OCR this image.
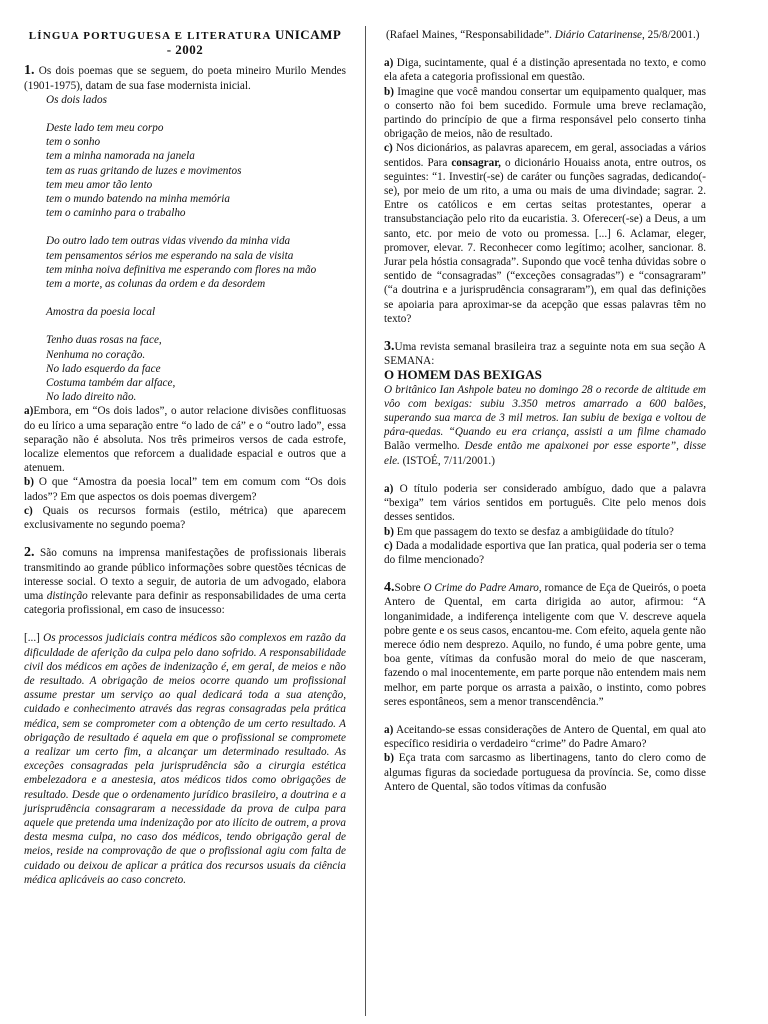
LÍNGUA PORTUGUESA E LITERATURA UNICAMP
- 2002

1. Os dois poemas que se seguem, do poeta mineiro Murilo Mendes (1901-1975), datam de sua fase modernista inicial.

Os dois lados

Deste lado tem meu corpo

tem o sonho

tem a minha namorada na janela

tem as ruas gritando de luzes e movimentos

tem meu amor tão lento

tem o mundo batendo na minha memória

tem o caminho para o trabalho

Do outro lado tem outras vidas vivendo da minha vida

tem pensamentos sérios me esperando na sala de visita

tem minha noiva definitiva me esperando com flores na mão

tem a morte, as colunas da ordem e da desordem

Amostra da poesia local

Tenho duas rosas na face,

Nenhuma no coração.

No lado esquerdo da face

Costuma também dar alface,

No lado direito não.

a)Embora, em “Os dois lados”, o autor relacione divisões conflituosas do eu lírico a uma separação entre “o lado de cá” e o “outro lado”, essa separação não é absoluta. Nos três primeiros versos de cada estrofe, localize elementos que reforcem a dualidade espacial e outros que a atenuem.

b) O que “Amostra da poesia local” tem em comum com “Os dois lados”? Em que aspectos os dois poemas divergem?

c) Quais os recursos formais (estilo, métrica) que aparecem exclusivamente no segundo poema?

2. São comuns na imprensa manifestações de profissionais liberais transmitindo ao grande público informações sobre questões técnicas de interesse social. O texto a seguir, de autoria de um advogado, elabora uma distinção relevante para definir as responsabilidades de uma certa categoria profissional, em caso de insucesso:

[...] Os processos judiciais contra médicos são complexos em razão da dificuldade de aferição da culpa pelo dano sofrido. A responsabilidade civil dos médicos em ações de indenização é, em geral, de meios e não de resultado. A obrigação de meios ocorre quando um profissional assume prestar um serviço ao qual dedicará toda a sua atenção, cuidado e conhecimento através das regras consagradas pela prática médica, sem se comprometer com a obtenção de um certo resultado. A obrigação de resultado é aquela em que o profissional se compromete a realizar um certo fim, a alcançar um determinado resultado. As exceções consagradas pela jurisprudência são a cirurgia estética embelezadora e a anestesia, atos médicos tidos como obrigações de resultado. Desde que o ordenamento jurídico brasileiro, a doutrina e a jurisprudência consagraram a necessidade da prova de culpa para aquele que pretenda uma indenização por ato ilícito de outrem, a prova desta mesma culpa, no caso dos médicos, tendo obrigação geral de meios, reside na comprovação de que o profissional agiu com falta de cuidado ou deixou de aplicar a prática dos recursos usuais da ciência médica aplicáveis ao caso concreto.

(Rafael Maines, “Responsabilidade”. Diário Catarinense, 25/8/2001.)

a) Diga, sucintamente, qual é a distinção apresentada no texto, e como ela afeta a categoria profissional em questão.

b) Imagine que você mandou consertar um equipamento qualquer, mas o conserto não foi bem sucedido. Formule uma breve reclamação, partindo do princípio de que a firma responsável pelo conserto tinha obrigação de meios, não de resultado.

c) Nos dicionários, as palavras aparecem, em geral, associadas a vários sentidos. Para consagrar, o dicionário Houaiss anota, entre outros, os seguintes: “1. Investir(-se) de caráter ou funções sagradas, dedicando(-se), por meio de um rito, a uma ou mais de uma divindade; sagrar. 2. Entre os católicos e em certas seitas protestantes, operar a transubstanciação pelo rito da eucaristia. 3. Oferecer(-se) a Deus, a um santo, etc. por meio de voto ou promessa. [...] 6. Aclamar, eleger, promover, elevar. 7. Reconhecer como legítimo; acolher, sancionar. 8. Jurar pela hóstia consagrada”. Supondo que você tenha dúvidas sobre o sentido de “consagradas” (“exceções consagradas”) e “consagraram” (“a doutrina e a jurisprudência consagraram”), em qual das definições se apoiaria para aproximar-se da acepção que essas palavras têm no texto?

3.Uma revista semanal brasileira traz a seguinte nota em sua seção A SEMANA:

O HOMEM DAS BEXIGAS

O britânico Ian Ashpole bateu no domingo 28 o recorde de altitude em vôo com bexigas: subiu 3.350 metros amarrado a 600 balões, superando sua marca de 3 mil metros. Ian subiu de bexiga e voltou de pára-quedas. “Quando eu era criança, assisti a um filme chamado Balão vermelho. Desde então me apaixonei por esse esporte”, disse ele. (ISTOÉ, 7/11/2001.)

a) O título poderia ser considerado ambíguo, dado que a palavra “bexiga” tem vários sentidos em português. Cite pelo menos dois desses sentidos.

b) Em que passagem do texto se desfaz a ambigüidade do título?

c) Dada a modalidade esportiva que Ian pratica, qual poderia ser o tema do filme mencionado?

4.Sobre O Crime do Padre Amaro, romance de Eça de Queirós, o poeta Antero de Quental, em carta dirigida ao autor, afirmou: “A longanimidade, a indiferença inteligente com que V. descreve aquela pobre gente e os seus casos, encantou-me. Com efeito, aquela gente não merece ódio nem desprezo. Aquilo, no fundo, é uma pobre gente, uma boa gente, vítimas da confusão moral do meio de que nasceram, fazendo o mal inocentemente, em parte porque não entendem mais nem melhor, em parte porque os arrasta a paixão, o instinto, como pobres seres espontâneos, sem a menor transcendência.”

a) Aceitando-se essas considerações de Antero de Quental, em qual ato específico residiria o verdadeiro “crime” do Padre Amaro?

b) Eça trata com sarcasmo as libertinagens, tanto do clero como de algumas figuras da sociedade portuguesa da província. Se, como disse Antero de Quental, são todos vítimas da confusão
